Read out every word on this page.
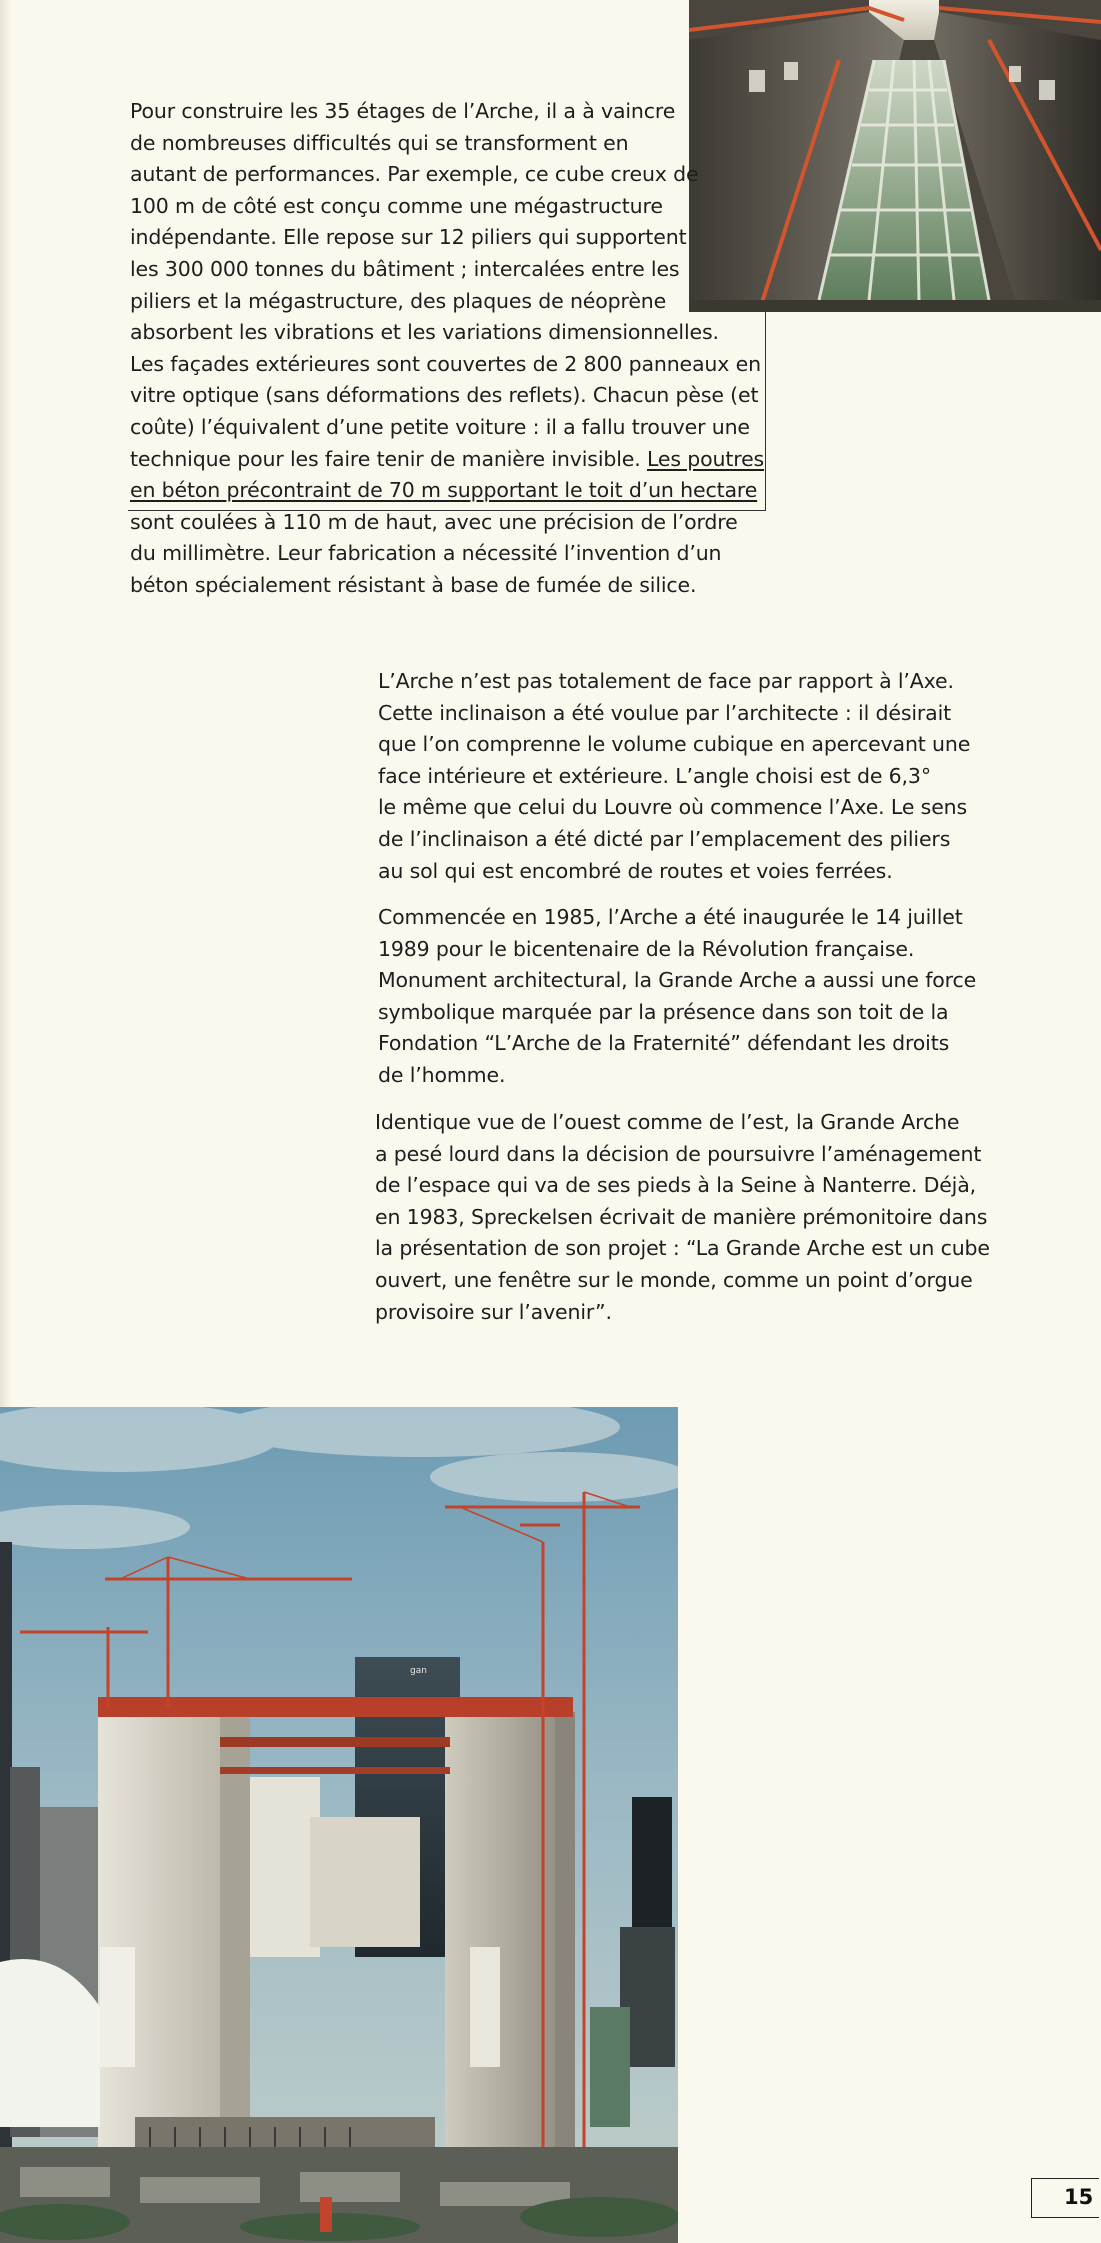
Pour construire les 35 étages de l’Arche, il a à vaincre
de nombreuses difficultés qui se transforment en
autant de performances. Par exemple, ce cube creux de
100 m de côté est conçu comme une mégastructure
indépendante. Elle repose sur 12 piliers qui supportent
les 300 000 tonnes du bâtiment ; intercalées entre les
piliers et la mégastructure, des plaques de néoprène
absorbent les vibrations et les variations dimensionnelles.
Les façades extérieures sont couvertes de 2 800 panneaux en
vitre optique (sans déformations des reflets). Chacun pèse (et
coûte) l’équivalent d’une petite voiture : il a fallu trouver une
technique pour les faire tenir de manière invisible. Les poutres
en béton précontraint de 70 m supportant le toit d’un hectare
sont coulées à 110 m de haut, avec une précision de l’ordre
du millimètre. Leur fabrication a nécessité l’invention d’un
béton spécialement résistant à base de fumée de silice.

L’Arche n’est pas totalement de face par rapport à l’Axe.
Cette inclinaison a été voulue par l’architecte : il désirait
que l’on comprenne le volume cubique en apercevant une
face intérieure et extérieure. L’angle choisi est de 6,3°
le même que celui du Louvre où commence l’Axe. Le sens
de l’inclinaison a été dicté par l’emplacement des piliers
au sol qui est encombré de routes et voies ferrées.

Commencée en 1985, l’Arche a été inaugurée le 14 juillet
1989 pour le bicentenaire de la Révolution française.
Monument architectural, la Grande Arche a aussi une force
symbolique marquée par la présence dans son toit de la
Fondation “L’Arche de la Fraternité” défendant les droits
de l’homme.

Identique vue de l’ouest comme de l’est, la Grande Arche
a pesé lourd dans la décision de poursuivre l’aménagement
de l’espace qui va de ses pieds à la Seine à Nanterre. Déjà,
en 1983, Spreckelsen écrivait de manière prémonitoire dans
la présentation de son projet : “La Grande Arche est un cube
ouvert, une fenêtre sur le monde, comme un point d’orgue
provisoire sur l’avenir”.

gan
15
